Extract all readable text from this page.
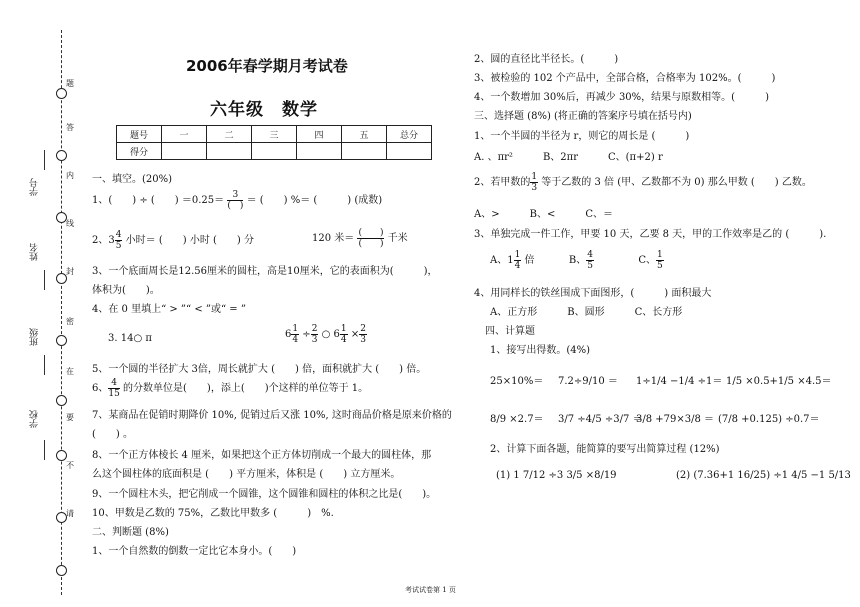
题
答
内
线
封
密
在
要
不
请
学号
姓名
班级
学校
2006年春学期月考试卷
六年级　数学
题号	一	二	三	四	五	总分
得分						
一、填空。(20%)
1、(　　) ÷ (　　) $=0.25= \frac{3}{( )}$ ＝ (　　) %＝ (　　　) (成数)
2、$3 \frac{4}{5}$ 小时＝ (　　) 小时 (　　) 分	120 米＝ $\frac{( )}{( )}$ 千米
3、一个底面周长是12.56厘米的圆柱，高是10厘米，它的表面积为(　　　)，
体积为(　　)。
4、在 0 里填上“ > ”“ < ”或“ = ”
3. 14○ π	$6 \frac{1}{4} \div \frac{2}{3}$ ○ $6 \frac{1}{4} \times \frac{2}{3}$
5、一个圆的半径扩大 3倍，周长就扩大 (　　) 倍，面积就扩大 (　　) 倍。
6、 $\frac{4}{15}$ 的分数单位是(　　)，添上(　　)个这样的单位等于 1。
7、某商品在促销时期降价 10%, 促销过后又涨 10%, 这时商品价格是原来价格的
(　　) 。
8、一个正方体棱长 4 厘米，如果把这个正方体切削成一个最大的圆柱体，那
么这个圆柱体的底面积是 (　　) 平方厘米，体积是 (　　) 立方厘米。
9、一个圆柱木头，把它削成一个圆锥，这个圆锥和圆柱的体积之比是(　　)。
10、甲数是乙数的 75%，乙数比甲数多 (　　　)　%.
二、判断题 (8%)
1、一个自然数的倒数一定比它本身小。(　　)
2、圆的直径比半径长。(　　　)
3、被检验的 102 个产品中，全部合格，合格率为 102%。(　　　)
4、一个数增加 30%后，再减少 30%，结果与原数相等。(　　　)
三、选择题 (8%) (将正确的答案序号填在括号内)
1、一个半圆的半径为 r，则它的周长是 (　　　)
A. 、πr²　　　B、2πr　　　C、(π+2) r
2、若甲数的 $\frac{1}{3}$ 等于乙数的 3 倍 (甲、乙数都不为 0) 那么甲数 (　　) 乙数。
A、>　　　B、<　　　C、＝
3、单独完成一件工作，甲要 10 天，乙要 8 天，甲的工作效率是乙的 (　　　).
A、$1 \frac{1}{4}$ 倍	B、 $\frac{4}{5}$	C、 $\frac{1}{5}$
4、用同样长的铁丝围成下面图形，(　　　) 面积最大
A、正方形　　　B、圆形　　　C、长方形
四、计算题
1、接写出得数。(4%)
25×10%＝ 7.2÷9/10 ＝ 1÷1/4 −1/4 ÷1＝ 1/5 ×0.5+1/5 ×4.5＝
8/9 ×2.7＝ 3/7 ÷4/5 ÷3/7 ＝
3/8 +79×3/8 ＝ (7/8 +0.125) ÷0.7＝
2、计算下面各题，能简算的要写出简算过程 (12%)
(1) 1 7/12 ÷3 3/5 ×8/19	(2) (7.36+1 16/25) ÷1 4/5 −1 5/13
考试试卷第 1 页
